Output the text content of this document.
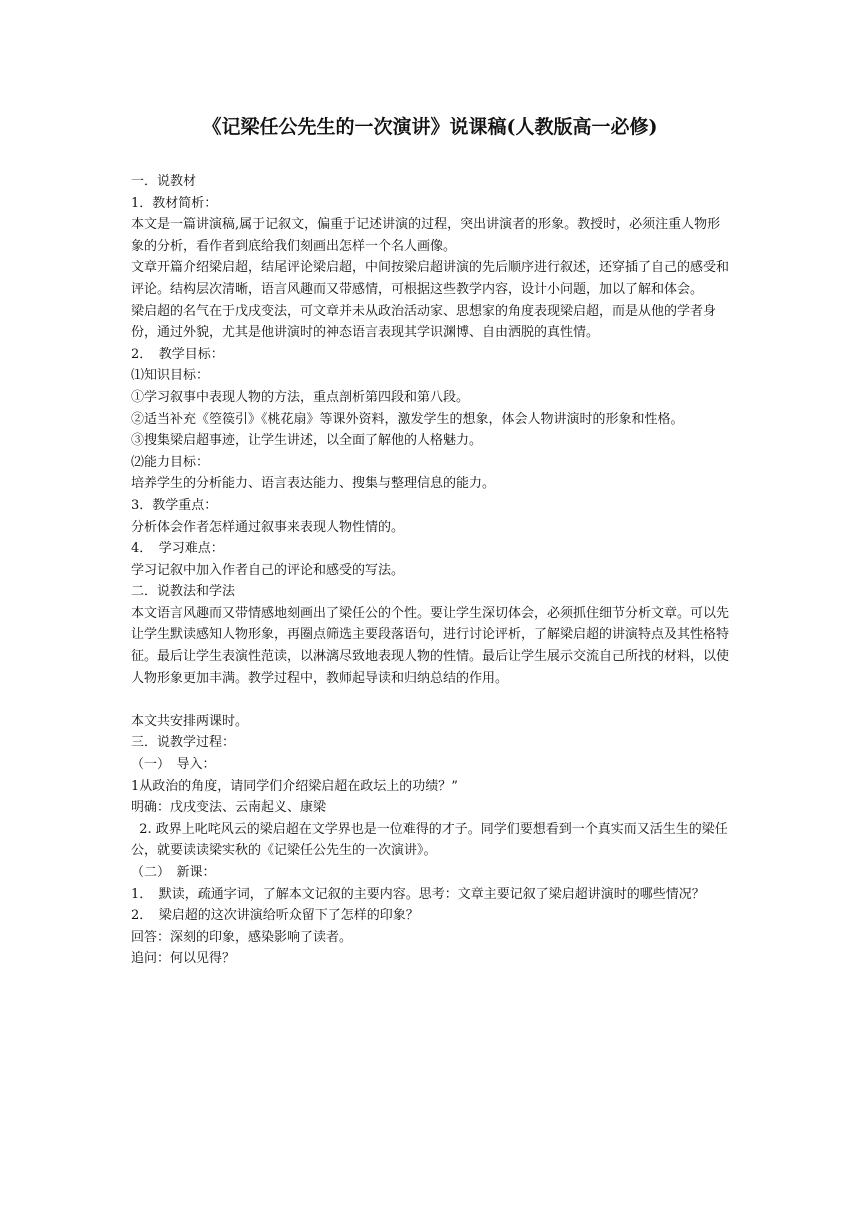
《记梁任公先生的一次演讲》说课稿(人教版高一必修)

一．说教材

1．教材简析：

本文是一篇讲演稿,属于记叙文，偏重于记述讲演的过程，突出讲演者的形象。教授时，必须注重人物形象的分析，看作者到底给我们刻画出怎样一个名人画像。

文章开篇介绍梁启超，结尾评论梁启超，中间按梁启超讲演的先后顺序进行叙述，还穿插了自己的感受和评论。结构层次清晰，语言风趣而又带感情，可根据这些教学内容，设计小问题，加以了解和体会。

梁启超的名气在于戊戌变法，可文章并未从政治活动家、思想家的角度表现梁启超，而是从他的学者身份，通过外貌，尤其是他讲演时的神态语言表现其学识渊博、自由洒脱的真性情。

2．　教学目标：

⑴知识目标：

①学习叙事中表现人物的方法，重点剖析第四段和第八段。

②适当补充《箜篌引》《桃花扇》等课外资料，激发学生的想象，体会人物讲演时的形象和性格。

③搜集梁启超事迹，让学生讲述，以全面了解他的人格魅力。

⑵能力目标：

培养学生的分析能力、语言表达能力、搜集与整理信息的能力。

3．教学重点：

分析体会作者怎样通过叙事来表现人物性情的。

4．　学习难点：

学习记叙中加入作者自己的评论和感受的写法。

二．说教法和学法

本文语言风趣而又带情感地刻画出了梁任公的个性。要让学生深切体会，必须抓住细节分析文章。可以先让学生默读感知人物形象，再圈点筛选主要段落语句，进行讨论评析，了解梁启超的讲演特点及其性格特征。最后让学生表演性范读，以淋漓尽致地表现人物的性情。最后让学生展示交流自己所找的材料，以使人物形象更加丰满。教学过程中，教师起导读和归纳总结的作用。

本文共安排两课时。

三．说教学过程：

（一）　导入：

1从政治的角度，请同学们介绍梁启超在政坛上的功绩？”

明确：戊戌变法、云南起义、康梁

2. 政界上叱咤风云的梁启超在文学界也是一位难得的才子。同学们要想看到一个真实而又活生生的梁任公，就要读读梁实秋的《记梁任公先生的一次演讲》。

（二）　新课：

1．　默读，疏通字词，了解本文记叙的主要内容。思考：文章主要记叙了梁启超讲演时的哪些情况？

2．　梁启超的这次讲演给听众留下了怎样的印象？

回答：深刻的印象，感染影响了读者。

追问：何以见得？
